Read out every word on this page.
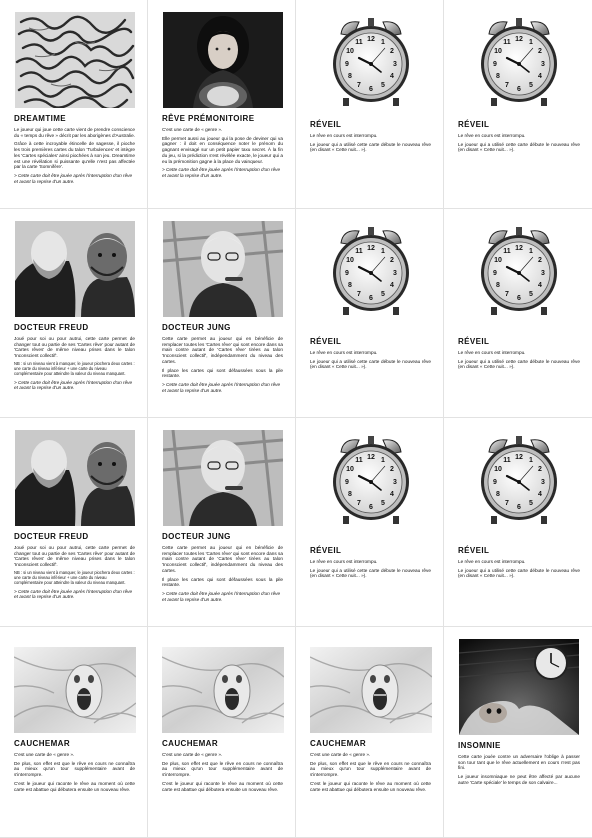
DREAMTIME

Le joueur qui joue cette carte vient de prendre conscience du « temps du rêve » décrit par les aborigènes d'Australie.

Grâce à cette incroyable étincelle de sagesse, il pioche les trois premières cartes du talon 'Turbulences' et intègre les 'Cartes spéciales' ainsi piochées à son jeu. Dreamtime est une révélation si puissante qu'elle n'est pas affectée par la carte 'Somnifère'.

> Cette carte doit être jouée après l'interruption d'un rêve et avant la reprise d'un autre.

RÊVE PRÉMONITOIRE

C'est une carte de « genre ».

Elle permet aussi au joueur qui la pose de deviner qui va gagner : il doit en conséquence noter le prénom du gagnant envisagé sur un petit papier taxu secret. À la fin du jeu, si la prédiction s'est révélée exacte, le joueur qui a eu la prémonition gagne à la place du vainqueur.

> Cette carte doit être jouée après l'interruption d'un rêve et avant la reprise d'un autre.

RÉVEIL

Le rêve en cours est interrompu.

Le joueur qui a utilisé cette carte débute le nouveau rêve (en disant « Cette nuit... »).

RÉVEIL

Le rêve en cours est interrompu.

Le joueur qui a utilisé cette carte débute le nouveau rêve (en disant « Cette nuit... »).

DOCTEUR FREUD

Joué pour soi ou pour autrui, cette carte permet de changer tout ou partie de ses 'Cartes rêve' pour autant de 'Cartes rêves' de même niveau prises dans le talon 'Inconscient collectif'.

NB : si un niveau vient à manquer, le joueur piochera deux cartes : une carte du niveau inférieur + une carte du niveau complémentaire pour atteindre la valeur du niveau manquant.

> Cette carte doit être jouée après l'interruption d'un rêve et avant la reprise d'un autre.

DOCTEUR JUNG

Cette carte permet au joueur qui en bénéficie de remplacer toutes les 'Cartes rêve' qui sont encore dans sa main contre autant de 'Cartes rêve' tirées au talon 'Inconscient collectif', indépendamment du niveau des cartes.

Il place les cartes qui sont défaussées sous la pile restante.

> Cette carte doit être jouée après l'interruption d'un rêve et avant la reprise d'un autre.

RÉVEIL

Le rêve en cours est interrompu.

Le joueur qui a utilisé cette carte débute le nouveau rêve (en disant « Cette nuit... »).

RÉVEIL

Le rêve en cours est interrompu.

Le joueur qui a utilisé cette carte débute le nouveau rêve (en disant « Cette nuit... »).

DOCTEUR FREUD

Joué pour soi ou pour autrui, cette carte permet de changer tout ou partie de ses 'Cartes rêve' pour autant de 'Cartes rêves' de même niveau prises dans le talon 'Inconscient collectif'.

NB : si un niveau vient à manquer, le joueur piochera deux cartes : une carte du niveau inférieur + une carte du niveau complémentaire pour atteindre la valeur du niveau manquant.

> Cette carte doit être jouée après l'interruption d'un rêve et avant la reprise d'un autre.

DOCTEUR JUNG

Cette carte permet au joueur qui en bénéficie de remplacer toutes les 'Cartes rêve' qui sont encore dans sa main contre autant de 'Cartes rêve' tirées au talon 'Inconscient collectif', indépendamment du niveau des cartes.

Il place les cartes qui sont défaussées sous la pile restante.

> Cette carte doit être jouée après l'interruption d'un rêve et avant la reprise d'un autre.

RÉVEIL

Le rêve en cours est interrompu.

Le joueur qui a utilisé cette carte débute le nouveau rêve (en disant « Cette nuit... »).

RÉVEIL

Le rêve en cours est interrompu.

Le joueur qui a utilisé cette carte débute le nouveau rêve (en disant « Cette nuit... »).

CAUCHEMAR

C'est une carte de « genre ».

De plus, son effet est que le rêve en cours ne connaîtra au mieux qu'un tour supplémentaire avant de s'interrompre.

C'est le joueur qui raconte le rêve au moment où cette carte est abattue qui débutera ensuite un nouveau rêve.

CAUCHEMAR

C'est une carte de « genre ».

De plus, son effet est que le rêve en cours ne connaîtra au mieux qu'un tour supplémentaire avant de s'interrompre.

C'est le joueur qui raconte le rêve au moment où cette carte est abattue qui débutera ensuite un nouveau rêve.

CAUCHEMAR

C'est une carte de « genre ».

De plus, son effet est que le rêve en cours ne connaîtra au mieux qu'un tour supplémentaire avant de s'interrompre.

C'est le joueur qui raconte le rêve au moment où cette carte est abattue qui débutera ensuite un nouveau rêve.

INSOMNIE

Cette carte jouée contre un adversaire l'oblige à passer son tour tant que le rêve actuellement en cours n'est pas fini.

Le joueur insomniaque ne peut être affecté par aucune autre 'Carte spéciale' le temps de son calvaire...
